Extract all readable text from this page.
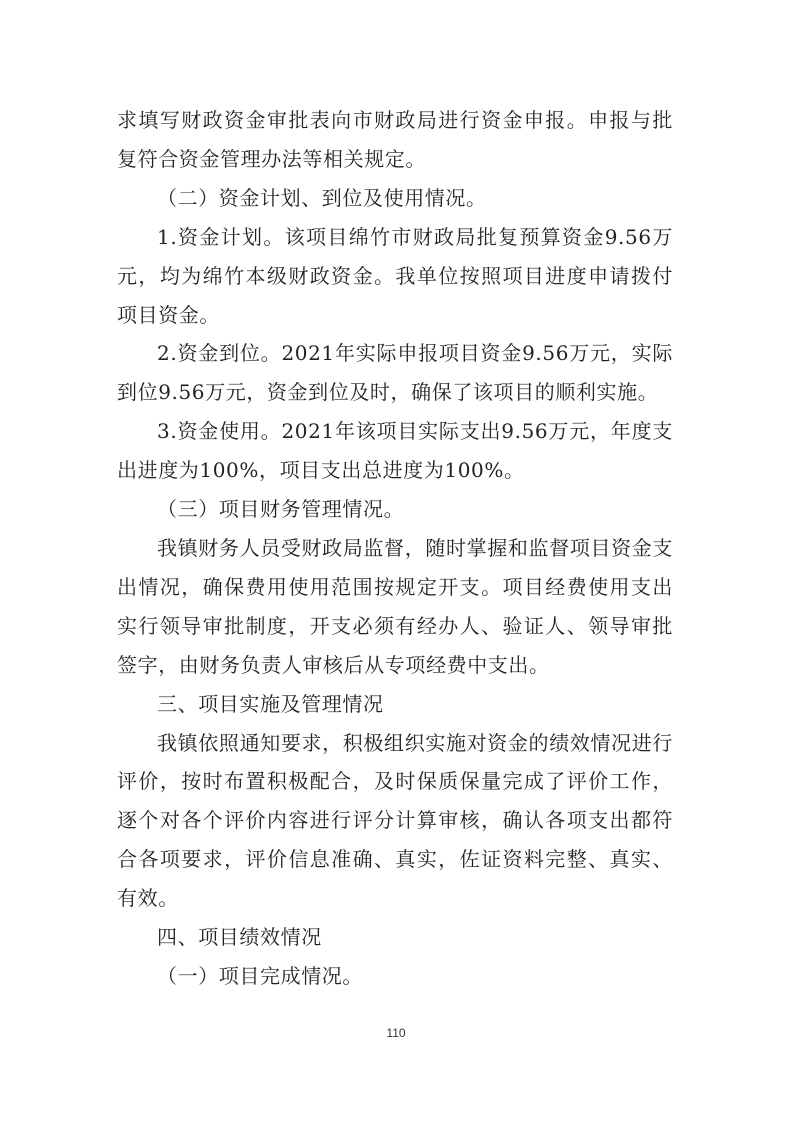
求填写财政资金审批表向市财政局进行资金申报。申报与批复符合资金管理办法等相关规定。

（二）资金计划、到位及使用情况。

1.资金计划。该项目绵竹市财政局批复预算资金9.56万元，均为绵竹本级财政资金。我单位按照项目进度申请拨付项目资金。

2.资金到位。2021年实际申报项目资金9.56万元，实际到位9.56万元，资金到位及时，确保了该项目的顺利实施。

3.资金使用。2021年该项目实际支出9.56万元，年度支出进度为100%，项目支出总进度为100%。

（三）项目财务管理情况。

我镇财务人员受财政局监督，随时掌握和监督项目资金支出情况，确保费用使用范围按规定开支。项目经费使用支出实行领导审批制度，开支必须有经办人、验证人、领导审批签字，由财务负责人审核后从专项经费中支出。

三、项目实施及管理情况

我镇依照通知要求，积极组织实施对资金的绩效情况进行评价，按时布置积极配合，及时保质保量完成了评价工作，逐个对各个评价内容进行评分计算审核，确认各项支出都符合各项要求，评价信息准确、真实，佐证资料完整、真实、有效。

四、项目绩效情况

（一）项目完成情况。

110
